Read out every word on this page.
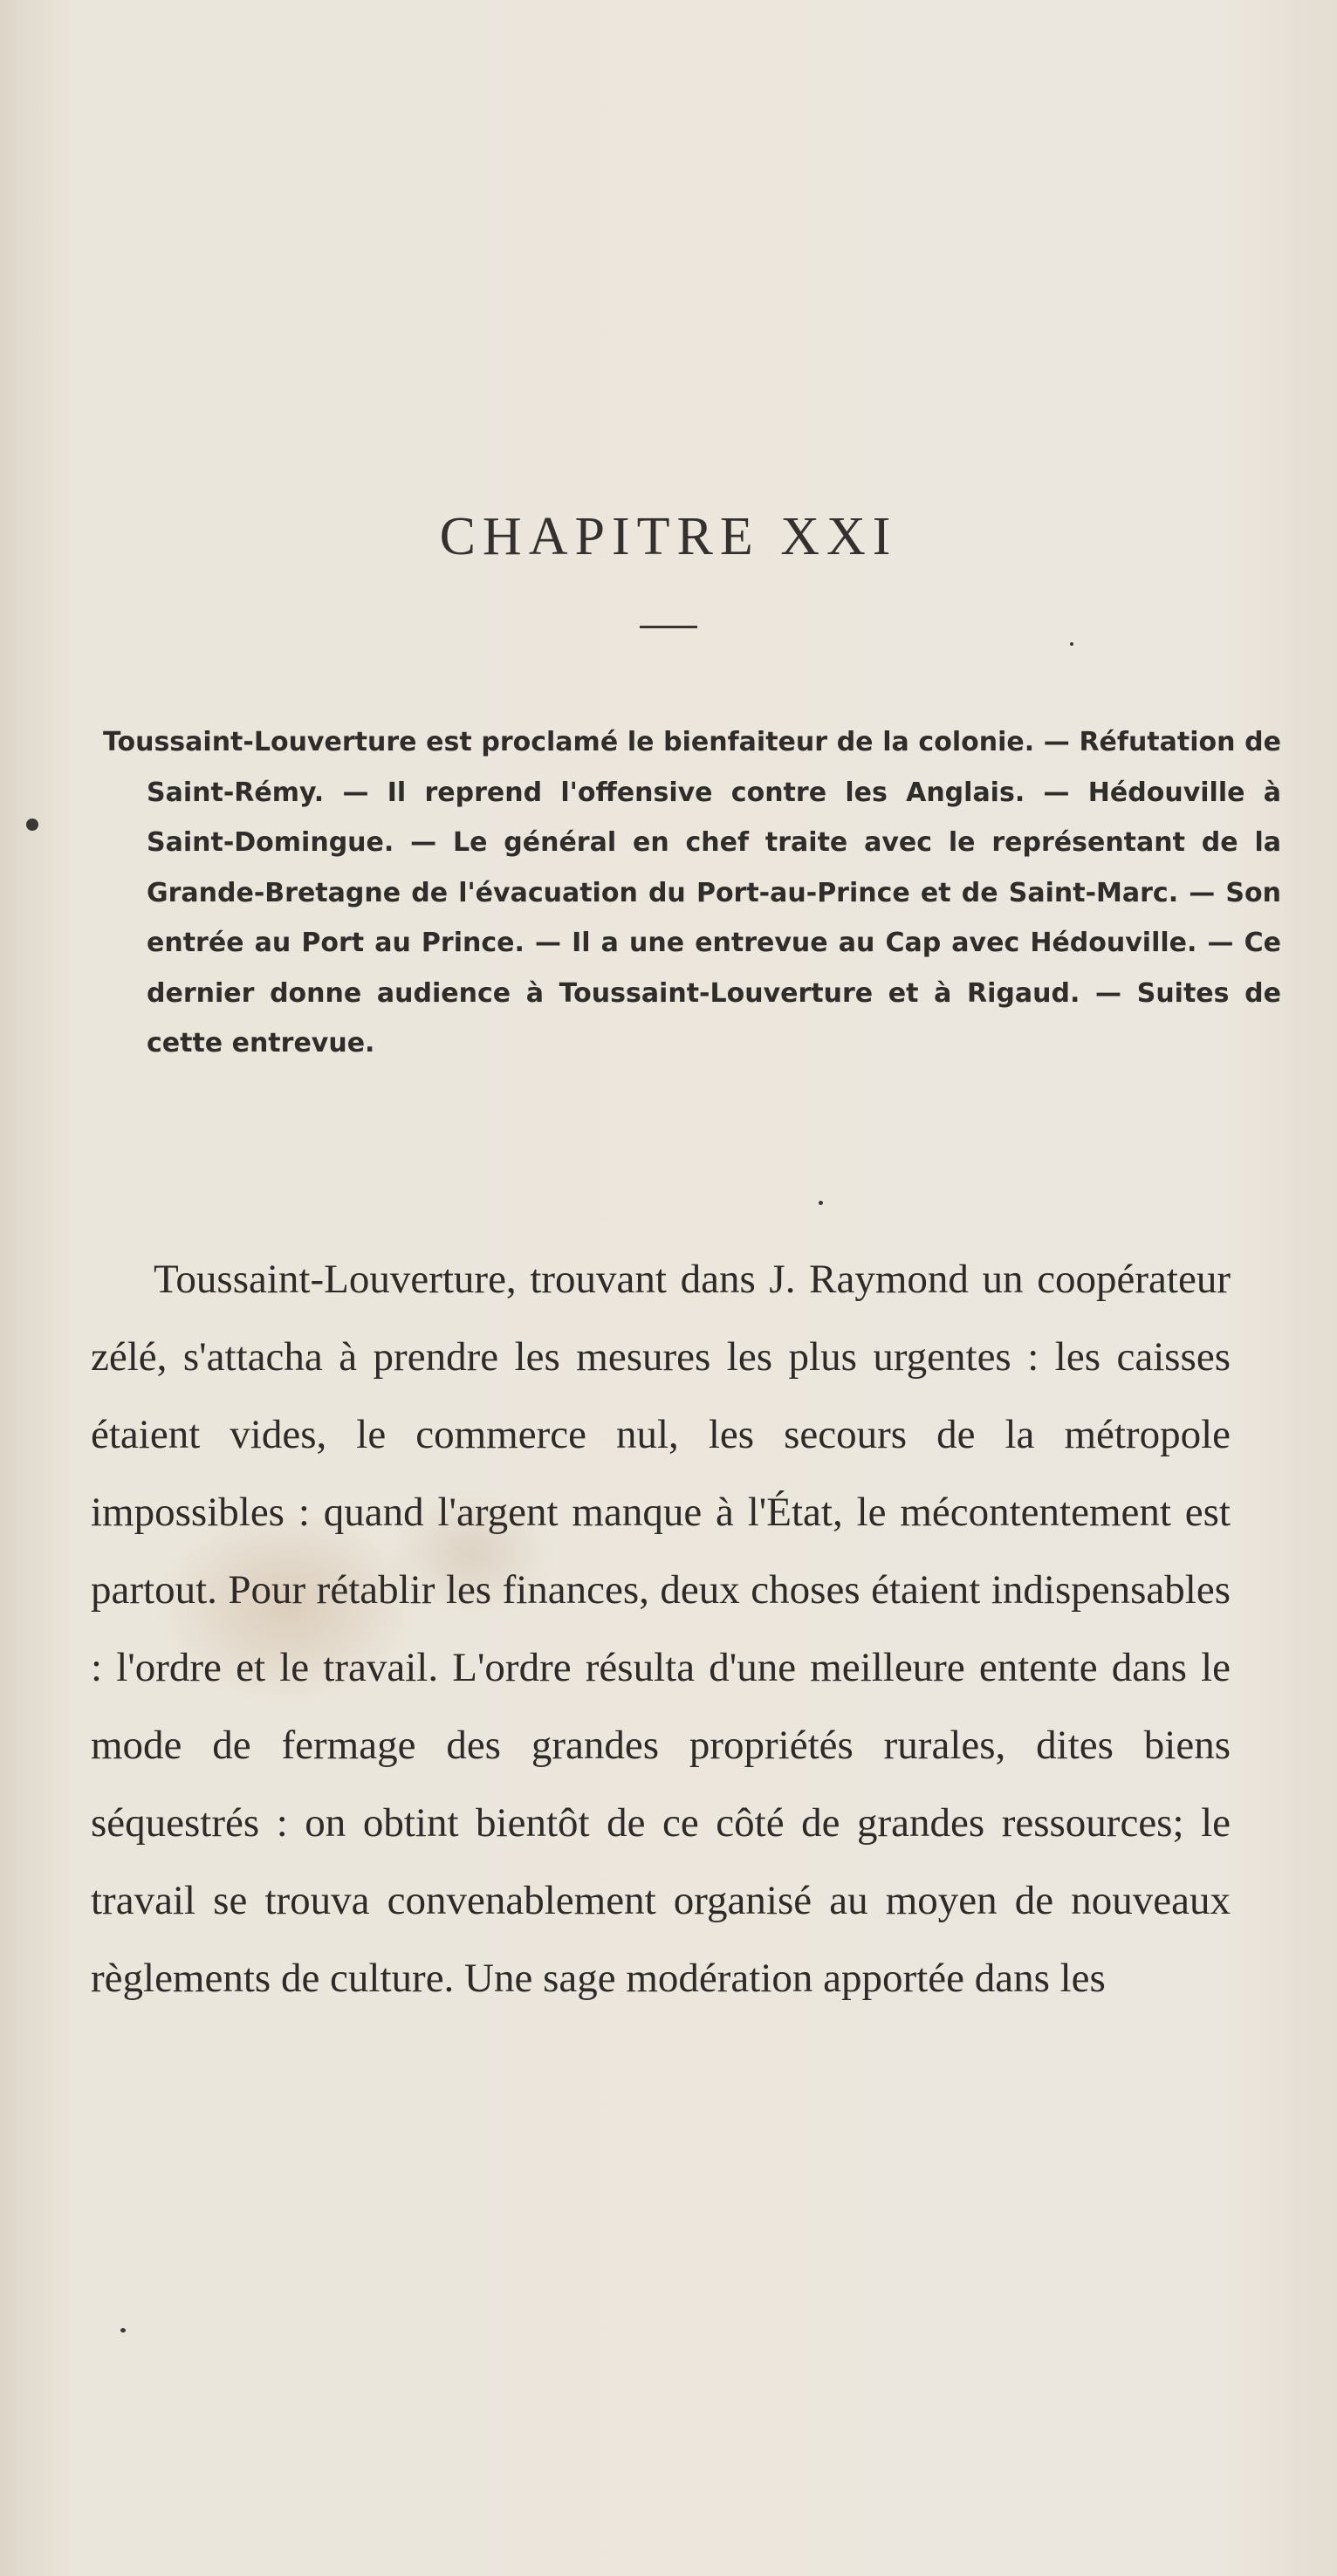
CHAPITRE XXI

Toussaint-Louverture est proclamé le bienfaiteur de la colonie. — Réfutation de Saint-Rémy. — Il reprend l'offensive contre les Anglais. — Hédouville à Saint-Domingue. — Le général en chef traite avec le représentant de la Grande-Bretagne de l'évacuation du Port-au-Prince et de Saint-Marc. — Son entrée au Port au Prince. — Il a une entrevue au Cap avec Hédouville. — Ce dernier donne audience à Toussaint-Louverture et à Rigaud. — Suites de cette entrevue.

Toussaint-Louverture, trouvant dans J. Raymond un coopérateur zélé, s'attacha à prendre les mesures les plus urgentes : les caisses étaient vides, le commerce nul, les secours de la métropole impossibles : quand l'argent manque à l'État, le mécontentement est partout. Pour rétablir les finances, deux choses étaient indispensables : l'ordre et le travail. L'ordre résulta d'une meilleure entente dans le mode de fermage des grandes propriétés rurales, dites biens séquestrés : on obtint bientôt de ce côté de grandes ressources; le travail se trouva convenablement organisé au moyen de nouveaux règlements de culture. Une sage modération apportée dans les
